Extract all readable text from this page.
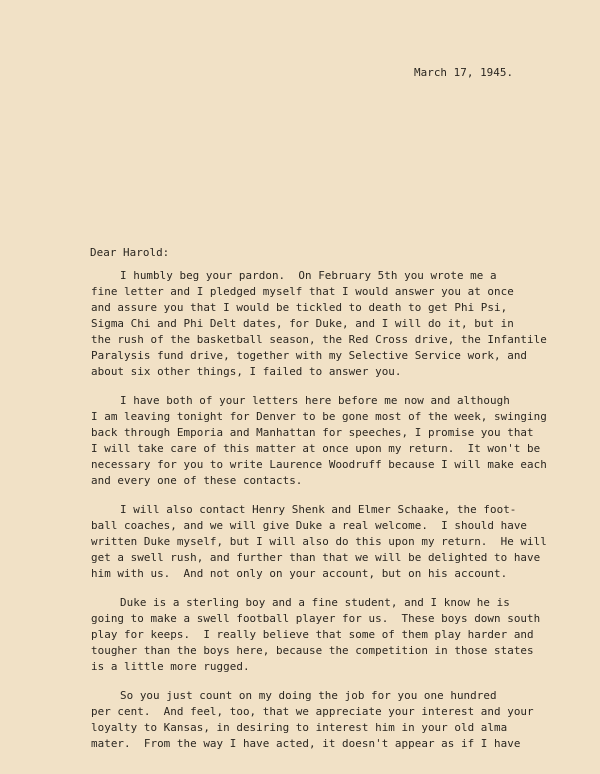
March 17, 1945.
Dear Harold:
I humbly beg your pardon.  On February 5th you wrote me a
fine letter and I pledged myself that I would answer you at once
and assure you that I would be tickled to death to get Phi Psi,
Sigma Chi and Phi Delt dates, for Duke, and I will do it, but in
the rush of the basketball season, the Red Cross drive, the Infantile
Paralysis fund drive, together with my Selective Service work, and
about six other things, I failed to answer you.
I have both of your letters here before me now and although
I am leaving tonight for Denver to be gone most of the week, swinging
back through Emporia and Manhattan for speeches, I promise you that
I will take care of this matter at once upon my return.  It won't be
necessary for you to write Laurence Woodruff because I will make each
and every one of these contacts.
I will also contact Henry Shenk and Elmer Schaake, the foot-
ball coaches, and we will give Duke a real welcome.  I should have
written Duke myself, but I will also do this upon my return.  He will
get a swell rush, and further than that we will be delighted to have
him with us.  And not only on your account, but on his account.
Duke is a sterling boy and a fine student, and I know he is
going to make a swell football player for us.  These boys down south
play for keeps.  I really believe that some of them play harder and
tougher than the boys here, because the competition in those states
is a little more rugged.
So you just count on my doing the job for you one hundred
per cent.  And feel, too, that we appreciate your interest and your
loyalty to Kansas, in desiring to interest him in your old alma
mater.  From the way I have acted, it doesn't appear as if I have
